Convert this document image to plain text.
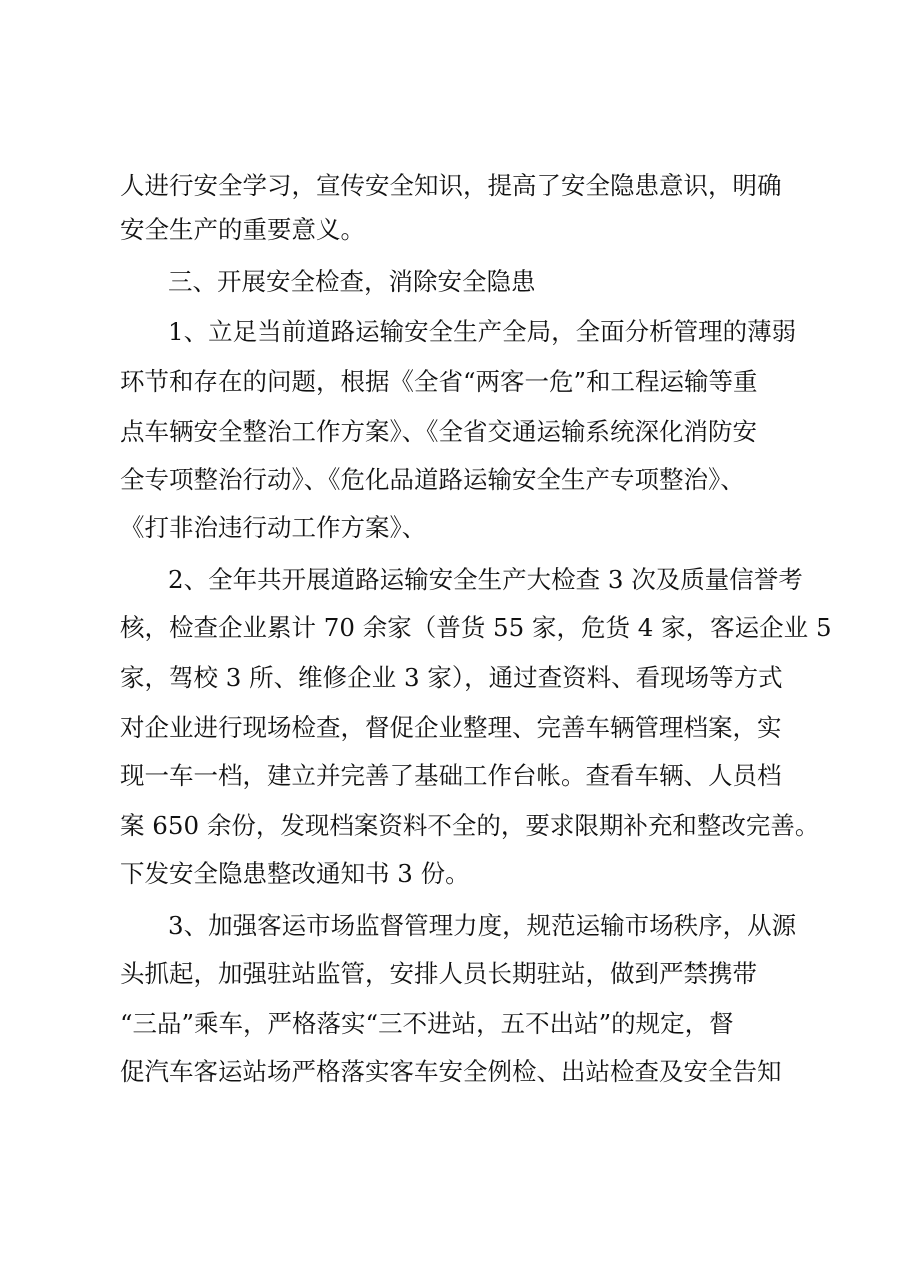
人进行安全学习，宣传安全知识，提高了安全隐患意识，明确
安全生产的重要意义。
三、开展安全检查，消除安全隐患
1、立足当前道路运输安全生产全局，全面分析管理的薄弱
环节和存在的问题，根据《全省“两客一危”和工程运输等重
点车辆安全整治工作方案》、《全省交通运输系统深化消防安
全专项整治行动》、《危化品道路运输安全生产专项整治》、
《打非治违行动工作方案》、
2、全年共开展道路运输安全生产大检查 3 次及质量信誉考
核，检查企业累计 70 余家（普货 55 家，危货 4 家，客运企业 5
家，驾校 3 所、维修企业 3 家），通过查资料、看现场等方式
对企业进行现场检查，督促企业整理、完善车辆管理档案，实
现一车一档，建立并完善了基础工作台帐。查看车辆、人员档
案 650 余份，发现档案资料不全的，要求限期补充和整改完善。
下发安全隐患整改通知书 3 份。
3、加强客运市场监督管理力度，规范运输市场秩序，从源
头抓起，加强驻站监管，安排人员长期驻站，做到严禁携带
“三品”乘车，严格落实“三不进站，五不出站”的规定，督
促汽车客运站场严格落实客车安全例检、出站检查及安全告知
